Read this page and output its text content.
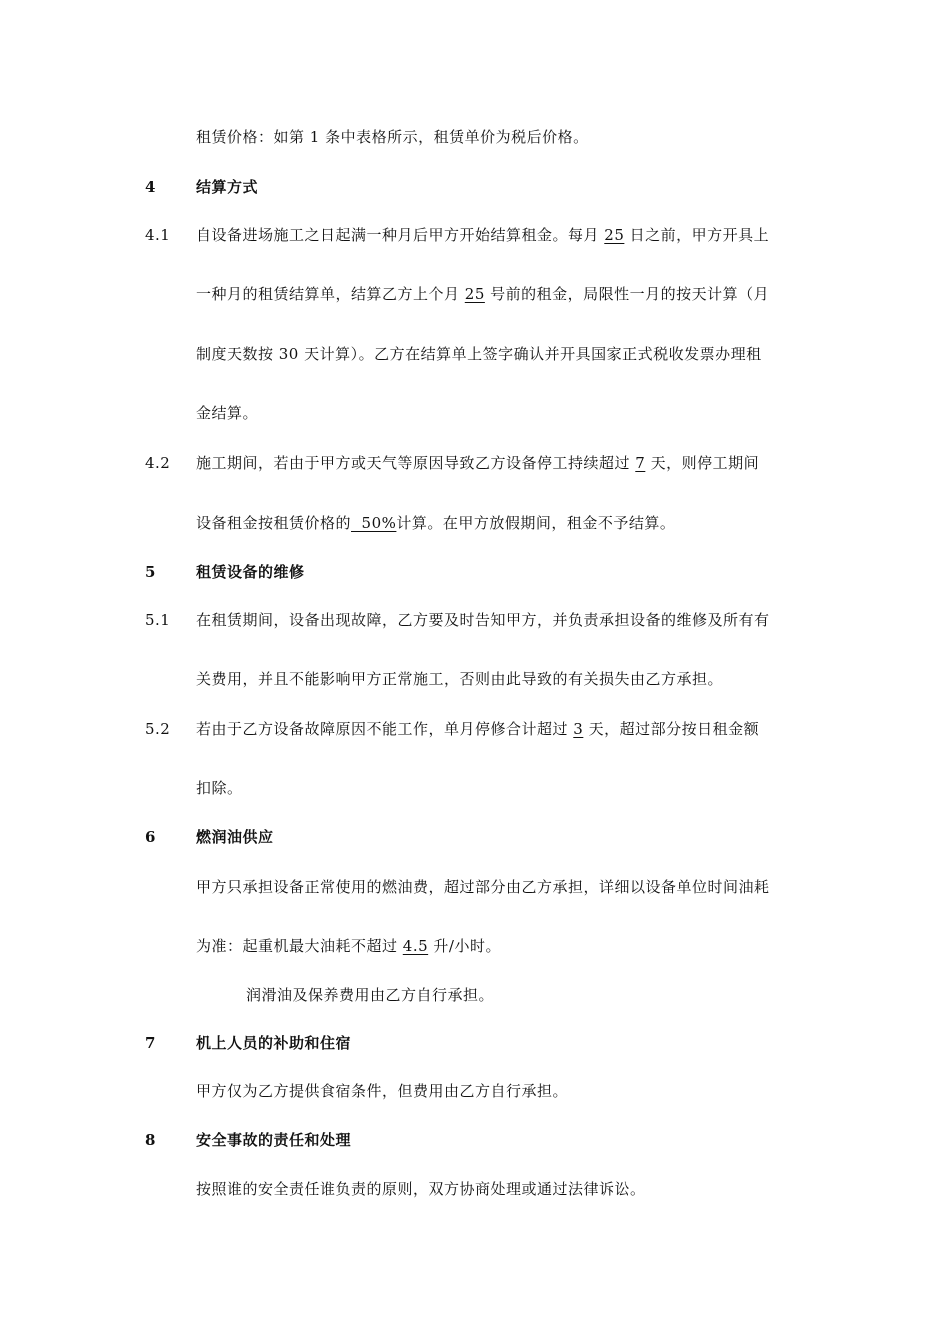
租赁价格：如第 1 条中表格所示，租赁单价为税后价格。
4	结算方式
4.1 自设备进场施工之日起满一种月后甲方开始结算租金。每月 25 日之前，甲方开具上
一种月的租赁结算单，结算乙方上个月 25 号前的租金，局限性一月的按天计算（月
制度天数按 30 天计算）。乙方在结算单上签字确认并开具国家正式税收发票办理租
金结算。
4.2 施工期间，若由于甲方或天气等原因导致乙方设备停工持续超过 7 天，则停工期间
设备租金按租赁价格的  50%计算。在甲方放假期间，租金不予结算。
5	租赁设备的维修
5.1 在租赁期间，设备出现故障，乙方要及时告知甲方，并负责承担设备的维修及所有有
关费用，并且不能影响甲方正常施工，否则由此导致的有关损失由乙方承担。
5.2 若由于乙方设备故障原因不能工作，单月停修合计超过 3 天，超过部分按日租金额
扣除。
6	燃润油供应
甲方只承担设备正常使用的燃油费，超过部分由乙方承担，详细以设备单位时间油耗
为准：起重机最大油耗不超过 4.5 升/小时。
润滑油及保养费用由乙方自行承担。
7	机上人员的补助和住宿
甲方仅为乙方提供食宿条件，但费用由乙方自行承担。
8	安全事故的责任和处理
按照谁的安全责任谁负责的原则，双方协商处理或通过法律诉讼。
